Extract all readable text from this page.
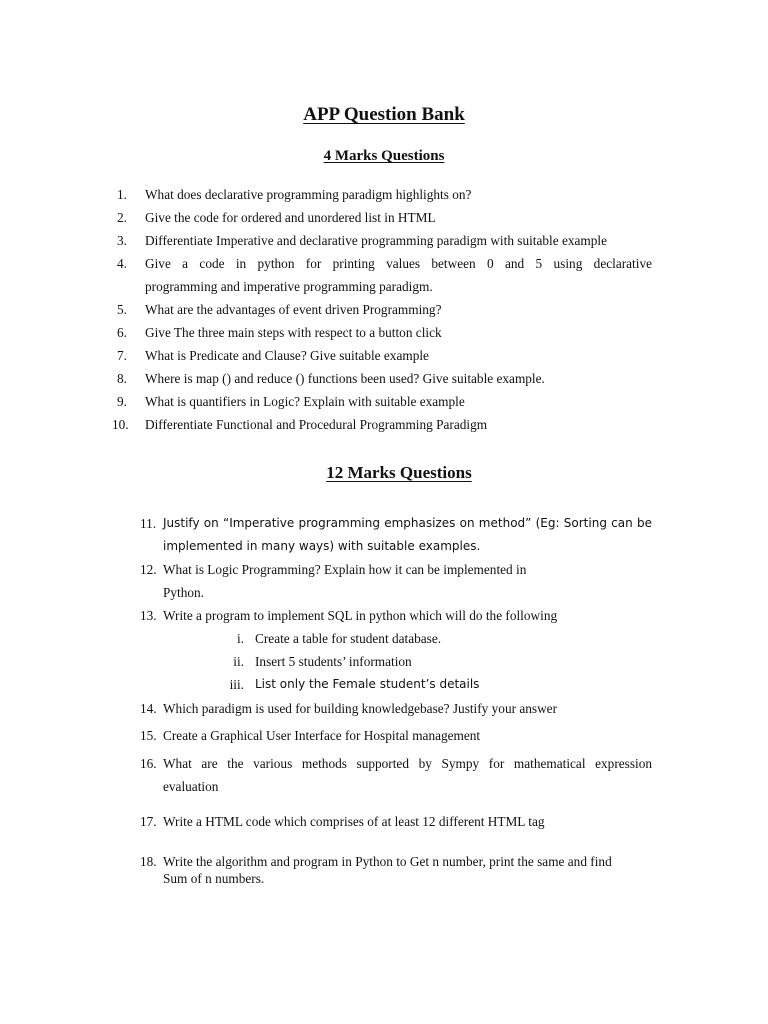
APP Question Bank
4 Marks Questions
1. What does declarative programming paradigm highlights on?
2. Give the code for ordered and unordered list in HTML
3. Differentiate Imperative and declarative programming paradigm with suitable example
4. Give a code in python for printing values between 0 and 5 using declarative
programming and imperative programming paradigm.
5. What are the advantages of event driven Programming?
6. Give The three main steps with respect to a button click
7. What is Predicate and Clause? Give suitable example
8. Where is map () and reduce () functions been used? Give suitable example.
9. What is quantifiers in Logic? Explain with suitable example
10. Differentiate Functional and Procedural Programming Paradigm
12 Marks Questions
11. Justify on “Imperative programming emphasizes on method” (Eg: Sorting can be
implemented in many ways) with suitable examples.
12. What is Logic Programming? Explain how it can be implemented in
Python.
13. Write a program to implement SQL in python which will do the following
i. Create a table for student database.
ii. Insert 5 students’ information
iii. List only the Female student’s details
14. Which paradigm is used for building knowledgebase? Justify your answer
15. Create a Graphical User Interface for Hospital management
16. What are the various methods supported by Sympy for mathematical expression
evaluation
17. Write a HTML code which comprises of at least 12 different HTML tag
18. Write the algorithm and program in Python to Get n number, print the same and find
Sum of n numbers.
